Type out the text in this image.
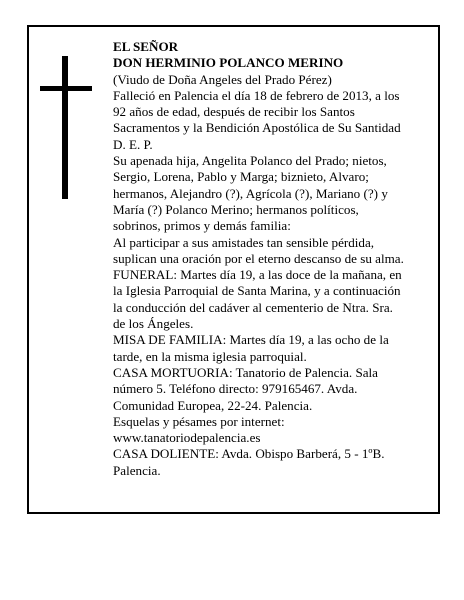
EL SEÑOR
DON HERMINIO POLANCO MERINO
(Viudo de Doña Angeles del Prado Pérez)
Falleció en Palencia el día 18 de febrero de 2013, a los
92 años de edad, después de recibir los Santos
Sacramentos y la Bendición Apostólica de Su Santidad
D. E. P.
Su apenada hija, Angelita Polanco del Prado; nietos,
Sergio, Lorena, Pablo y Marga; biznieto, Alvaro;
hermanos, Alejandro (?), Agrícola (?), Mariano (?) y
María (?) Polanco Merino; hermanos políticos,
sobrinos, primos y demás familia:
Al participar a sus amistades tan sensible pérdida,
suplican una oración por el eterno descanso de su alma.
FUNERAL: Martes día 19, a las doce de la mañana, en
la Iglesia Parroquial de Santa Marina, y a continuación
la conducción del cadáver al cementerio de Ntra. Sra.
de los Ángeles.
MISA DE FAMILIA: Martes día 19, a las ocho de la
tarde, en la misma iglesia parroquial.
CASA MORTUORIA: Tanatorio de Palencia. Sala
número 5. Teléfono directo: 979165467. Avda.
Comunidad Europea, 22-24. Palencia.
Esquelas y pésames por internet:
www.tanatoriodepalencia.es
CASA DOLIENTE: Avda. Obispo Barberá, 5 - 1ºB.
Palencia.
